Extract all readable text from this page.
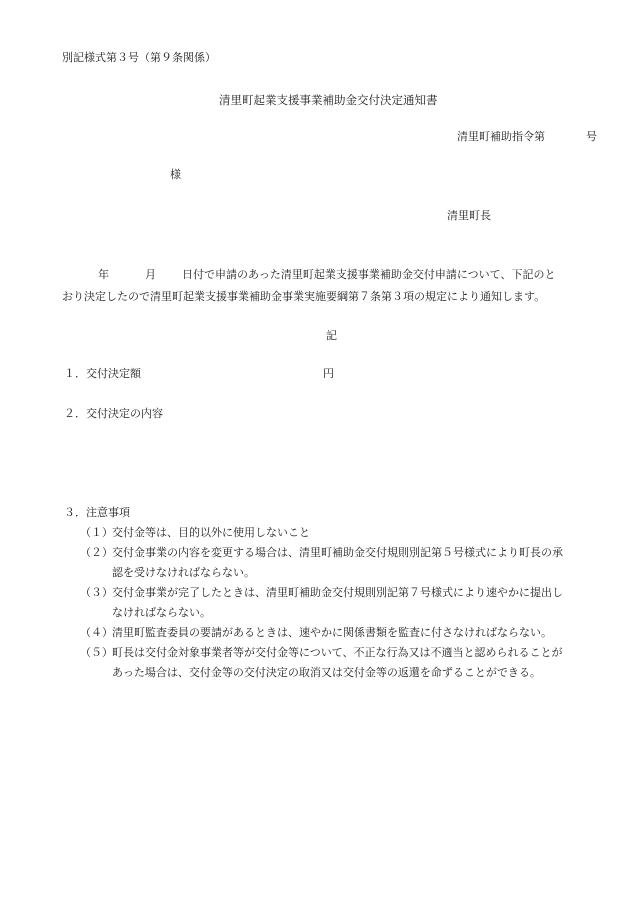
別記様式第３号（第９条関係）
清里町起業支援事業補助金交付決定通知書
清里町補助指令第	号
様
清里町長
年	月 日付で申請のあった清里町起業支援事業補助金交付申請について、下記のと
おり決定したので清里町起業支援事業補助金事業実施要綱第７条第３項の規定により通知します。
記
１．交付決定額	円
２．交付決定の内容
３．注意事項
（１） 交付金等は、目的以外に使用しないこと
（２） 交付金事業の内容を変更する場合は、清里町補助金交付規則別記第５号様式により町長の承
認を受けなければならない。
（３） 交付金事業が完了したときは、清里町補助金交付規則別記第７号様式により速やかに提出し
なければならない。
（４） 清里町監査委員の要請があるときは、速やかに関係書類を監査に付さなければならない。
（５） 町長は交付金対象事業者等が交付金等について、不正な行為又は不適当と認められることが
あった場合は、交付金等の交付決定の取消又は交付金等の返還を命ずることができる。
